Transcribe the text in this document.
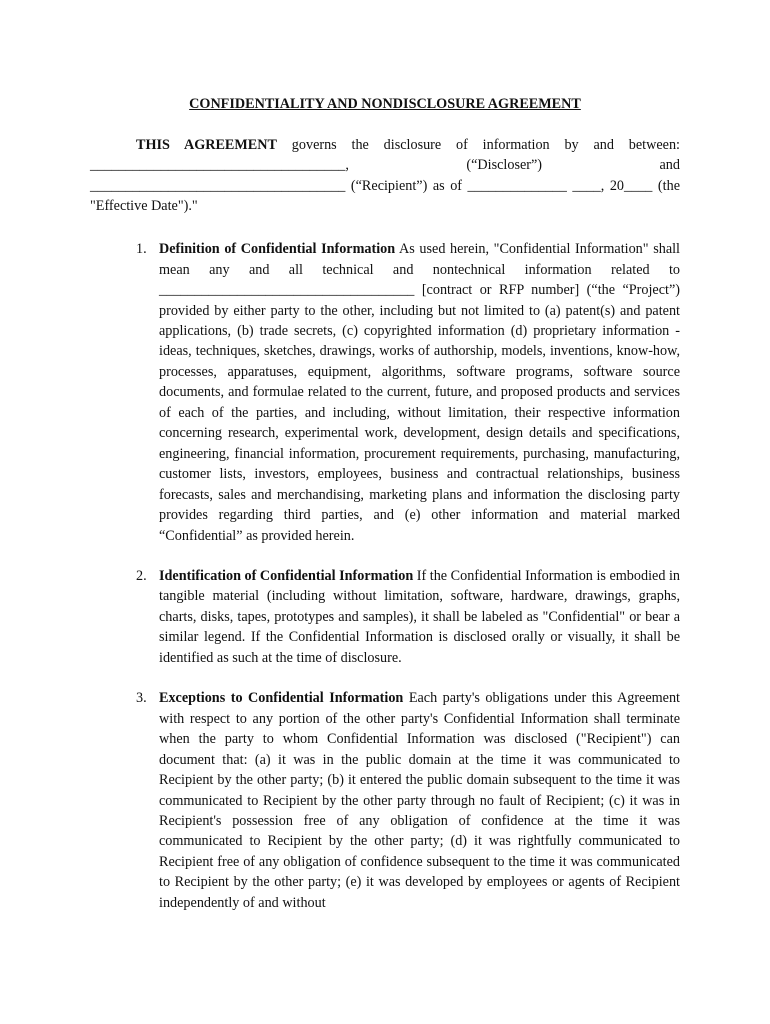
CONFIDENTIALITY AND NONDISCLOSURE AGREEMENT

THIS AGREEMENT governs the disclosure of information by and between: ____________________________________, (“Discloser”) and ____________________________________ (“Recipient”) as of ______________ ____, 20____ (the "Effective Date")."

1. Definition of Confidential Information As used herein, "Confidential Information" shall mean any and all technical and nontechnical information related to ____________________________________ [contract or RFP number] (“the “Project”) provided by either party to the other, including but not limited to (a) patent(s) and patent applications, (b) trade secrets, (c) copyrighted information (d) proprietary information - ideas, techniques, sketches, drawings, works of authorship, models, inventions, know-how, processes, apparatuses, equipment, algorithms, software programs, software source documents, and formulae related to the current, future, and proposed products and services of each of the parties, and including, without limitation, their respective information concerning research, experimental work, development, design details and specifications, engineering, financial information, procurement requirements, purchasing, manufacturing, customer lists, investors, employees, business and contractual relationships, business forecasts, sales and merchandising, marketing plans and information the disclosing party provides regarding third parties, and (e) other information and material marked “Confidential” as provided herein.
2. Identification of Confidential Information If the Confidential Information is embodied in tangible material (including without limitation, software, hardware, drawings, graphs, charts, disks, tapes, prototypes and samples), it shall be labeled as "Confidential" or bear a similar legend. If the Confidential Information is disclosed orally or visually, it shall be identified as such at the time of disclosure.
3. Exceptions to Confidential Information Each party's obligations under this Agreement with respect to any portion of the other party's Confidential Information shall terminate when the party to whom Confidential Information was disclosed ("Recipient") can document that: (a) it was in the public domain at the time it was communicated to Recipient by the other party; (b) it entered the public domain subsequent to the time it was communicated to Recipient by the other party through no fault of Recipient; (c) it was in Recipient's possession free of any obligation of confidence at the time it was communicated to Recipient by the other party; (d) it was rightfully communicated to Recipient free of any obligation of confidence subsequent to the time it was communicated to Recipient by the other party; (e) it was developed by employees or agents of Recipient independently of and without
